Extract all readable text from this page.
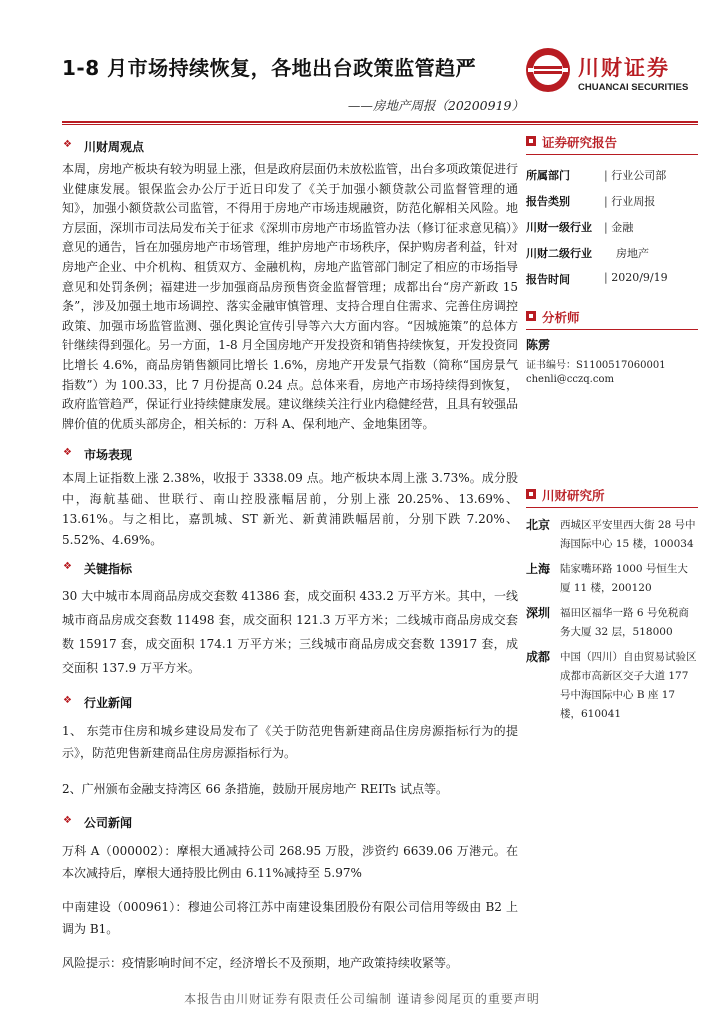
1-8 月市场持续恢复，各地出台政策监管趋严
——房地产周报（20200919）
川财证券
CHUANCAI SECURITIES
❖ 川财周观点

本周，房地产板块有较为明显上涨，但是政府层面仍未放松监管，出台多项政策促进行业健康发展。银保监会办公厅于近日印发了《关于加强小额贷款公司监督管理的通知》，加强小额贷款公司监管，不得用于房地产市场违规融资，防范化解相关风险。地方层面，深圳市司法局发布关于征求《深圳市房地产市场监管办法（修订征求意见稿）》意见的通告，旨在加强房地产市场管理，维护房地产市场秩序，保护购房者利益，针对房地产企业、中介机构、租赁双方、金融机构，房地产监管部门制定了相应的市场指导意见和处罚条例；福建进一步加强商品房预售资金监督管理；成都出台“房产新政 15 条”，涉及加强土地市场调控、落实金融审慎管理、支持合理自住需求、完善住房调控政策、加强市场监管监测、强化舆论宣传引导等六大方面内容。“因城施策”的总体方针继续得到强化。另一方面，1-8 月全国房地产开发投资和销售持续恢复，开发投资同比增长 4.6%，商品房销售额同比增长 1.6%，房地产开发景气指数（简称“国房景气指数”）为 100.33，比 7 月份提高 0.24 点。总体来看，房地产市场持续得到恢复，政府监管趋严，保证行业持续健康发展。建议继续关注行业内稳健经营，且具有较强品牌价值的优质头部房企，相关标的：万科 A、保利地产、金地集团等。

❖ 市场表现

本周上证指数上涨 2.38%，收报于 3338.09 点。地产板块本周上涨 3.73%。成分股中，海航基础、世联行、南山控股涨幅居前，分别上涨 20.25%、13.69%、13.61%。与之相比，嘉凯城、ST 新光、新黄浦跌幅居前，分别下跌 7.20%、5.52%、4.69%。

❖ 关键指标

30 大中城市本周商品房成交套数 41386 套，成交面积 433.2 万平方米。其中，一线城市商品房成交套数 11498 套，成交面积 121.3 万平方米；二线城市商品房成交套数 15917 套，成交面积 174.1 万平方米；三线城市商品房成交套数 13917 套，成交面积 137.9 万平方米。

❖ 行业新闻

1、 东莞市住房和城乡建设局发布了《关于防范兜售新建商品住房房源指标行为的提示》，防范兜售新建商品住房房源指标行为。

2、广州颁布金融支持湾区 66 条措施，鼓励开展房地产 REITs 试点等。

❖ 公司新闻

万科 A（000002）：摩根大通减持公司 268.95 万股，涉资约 6639.06 万港元。在本次减持后，摩根大通持股比例由 6.11%减持至 5.97%

中南建设（000961）：穆迪公司将江苏中南建设集团股份有限公司信用等级由 B2 上调为 B1。

风险提示：疫情影响时间不定，经济增长不及预期，地产政策持续收紧等。

证券研究报告
所属部门	| 行业公司部
报告类别	| 行业周报
川财一级行业	| 金融
川财二级行业 房地产
报告时间	| 2020/9/19
分析师
陈雳
证书编号：S1100517060001
chenli@cczq.com
川财研究所
北京 西城区平安里西大街 28 号中海国际中心 15 楼，100034
上海 陆家嘴环路 1000 号恒生大厦 11 楼，200120
深圳 福田区福华一路 6 号免税商务大厦 32 层，518000
成都 中国（四川）自由贸易试验区成都市高新区交子大道 177 号中海国际中心 B 座 17 楼，610041
本报告由川财证券有限责任公司编制 谨请参阅尾页的重要声明
